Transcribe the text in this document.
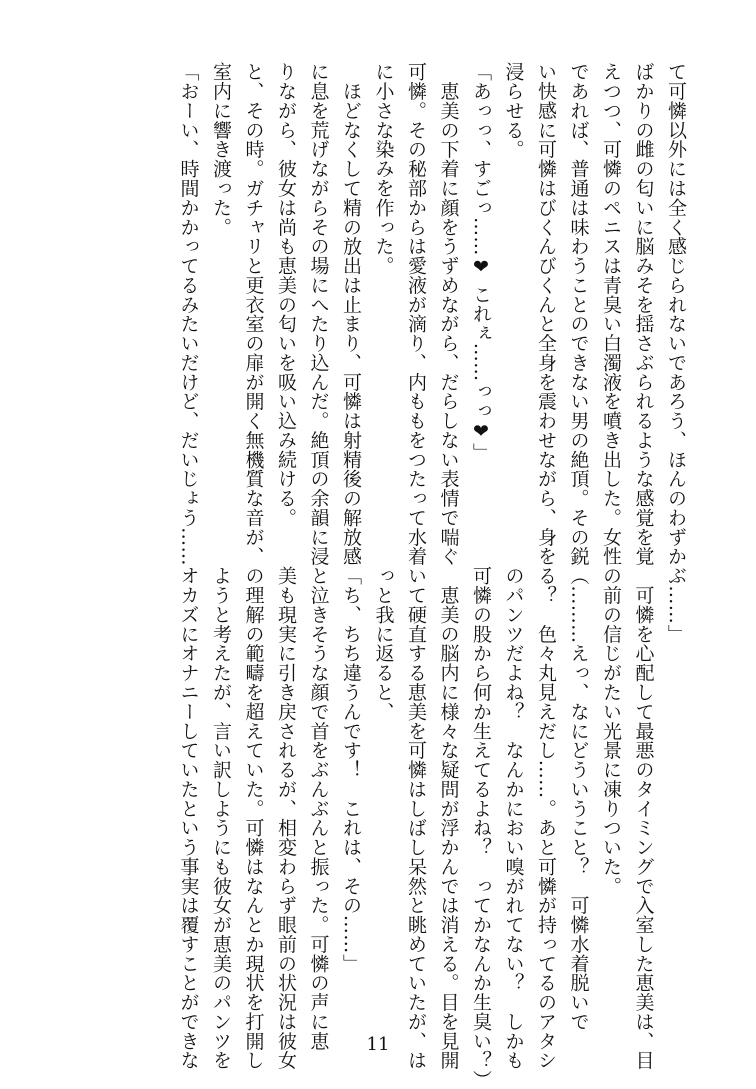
て可憐以外には全く感じられないであろう、ほんのわずか
ばかりの雌の匂いに脳みそを揺さぶられるような感覚を覚
えつつ、可憐のペニスは青臭い白濁液を噴き出した。女性
であれば、普通は味わうことのできない男の絶頂。その鋭
い快感に可憐はびくんびくんと全身を震わせながら、身を
浸らせる。
「あっっ、すごっ……❤ これぇ……っっ❤」
　恵美の下着に顔をうずめながら、だらしない表情で喘ぐ
可憐。その秘部からは愛液が滴り、内ももをつたって水着
に小さな染みを作った。
　ほどなくして精の放出は止まり、可憐は射精後の解放感
に息を荒げながらその場にへたり込んだ。絶頂の余韻に浸
りながら、彼女は尚も恵美の匂いを吸い込み続ける。
と、その時。ガチャリと更衣室の扉が開く無機質な音が、
室内に響き渡った。
「おーい、時間かかってるみたいだけど、だいじょう……
ぶ……」
　可憐を心配して最悪のタイミングで入室した恵美は、目
の前の信じがたい光景に凍りついた。
（………えっ、なにどういうこと？　可憐水着脱いで
る？　色々丸見えだし……。あと可憐が持ってるのアタシ
のパンツだよね？　なんかにおい嗅がれてない？　しかも
可憐の股から何か生えてるよね？　ってかなんか生臭い？）
　恵美の脳内に様々な疑問が浮かんでは消える。目を見開
いて硬直する恵美を可憐はしばし呆然と眺めていたが、は
っと我に返ると、
「ち、ちち違うんです！　これは、その……」
と泣きそうな顔で首をぶんぶんと振った。可憐の声に恵
美も現実に引き戻されるが、相変わらず眼前の状況は彼女
の理解の範疇を超えていた。可憐はなんとか現状を打開し
ようと考えたが、言い訳しようにも彼女が恵美のパンツを
オカズにオナニーしていたという事実は覆すことができな	11
